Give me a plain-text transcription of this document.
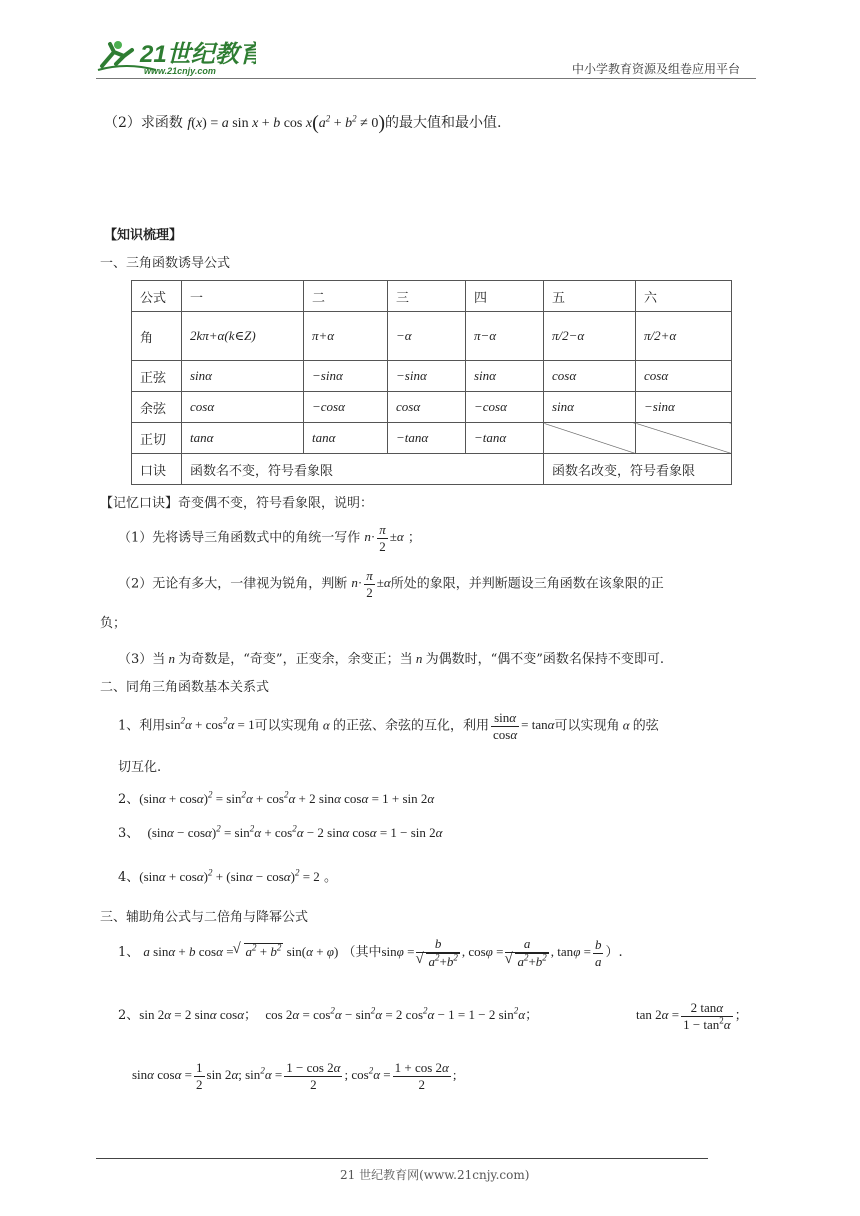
21世纪教育
www.21cnjy.com	中小学教育资源及组卷应用平台
（2）求函数 f(x) = a sin x + b $\cos x(a^2 + b^2 \ne 0)$的最大值和最小值.
【知识梳理】
一、三角函数诱导公式
公式	一	二	三	四	五	六
角	2kπ+α(k∈Z)	π+α	−α	π−α	π/2−α	π/2+α
正弦	sinα	−sinα	−sinα	sinα	cosα	cosα
余弦	cosα	−cosα	cosα	−cosα	sinα	−sinα
正切	tanα	tanα	−tanα	−tanα		
口诀	函数名不变，符号看象限				函数名改变，符号看象限	
【记忆口诀】奇变偶不变，符号看象限，说明：
（1）先将诱导三角函数式中的角统一写作 $n\cdot \frac{\pi}{2} \pm\alpha$ ；
（2）无论有多大，一律视为锐角，判断 $n\cdot \frac{\pi}{2} \pm\alpha$所处的象限，并判断题设三角函数在该象限的正
负；
（3）当 n 为奇数是，“奇变”，正变余，余变正；当 n 为偶数时，“偶不变”函数名保持不变即可.
二、同角三角函数基本关系式
1、利用$\sin^2\alpha + \cos^2\alpha = 1$可以实现角 α 的正弦、余弦的互化，利用 $\frac{\sin\alpha}{\cos\alpha} = \tan\alpha$可以实现角 α 的弦
切互化.
2、$(\sin\alpha + \cos\alpha)^2 = \sin^2\alpha + \cos^2\alpha + 2$ sinα cosα = 1 + sin 2α
3、 $(\sin\alpha - \cos\alpha)^2 = \sin^2\alpha + \cos^2\alpha - 2$ sinα cosα = 1 − sin 2α
4、$(\sin\alpha + \cos\alpha)^2 + (\sin\alpha - \cos\alpha)^2 = 2$ 。
三、辅助角公式与二倍角与降幂公式
1、 a sinα + b cosα = √ $a^2 + b^2$ sin(α + φ) （其中sinφ = b
√ $a^2+b^2$ , cosφ = a
√ $a^2+b^2$ , $\tan\varphi = \frac{b}{a}$ ）.
2、sin 2α = 2 sinα cosα； $\cos 2\alpha = \cos^2\alpha - \sin^2\alpha = 2$ $\cos^2\alpha - 1 = 1 - 2$ $\sin^2\alpha$；	$\tan 2\alpha = \frac{2 \tan\alpha}{1 - \tan^2\alpha}$ ；
sinα $\cos\alpha = \frac{1}{2}$ sin 2α; $\sin^2\alpha = \frac{1 - \cos 2\alpha}{2}$ ; $\cos^2\alpha = \frac{1 + \cos 2\alpha}{2}$ ;
21 世纪教育网(www.21cnjy.com)
